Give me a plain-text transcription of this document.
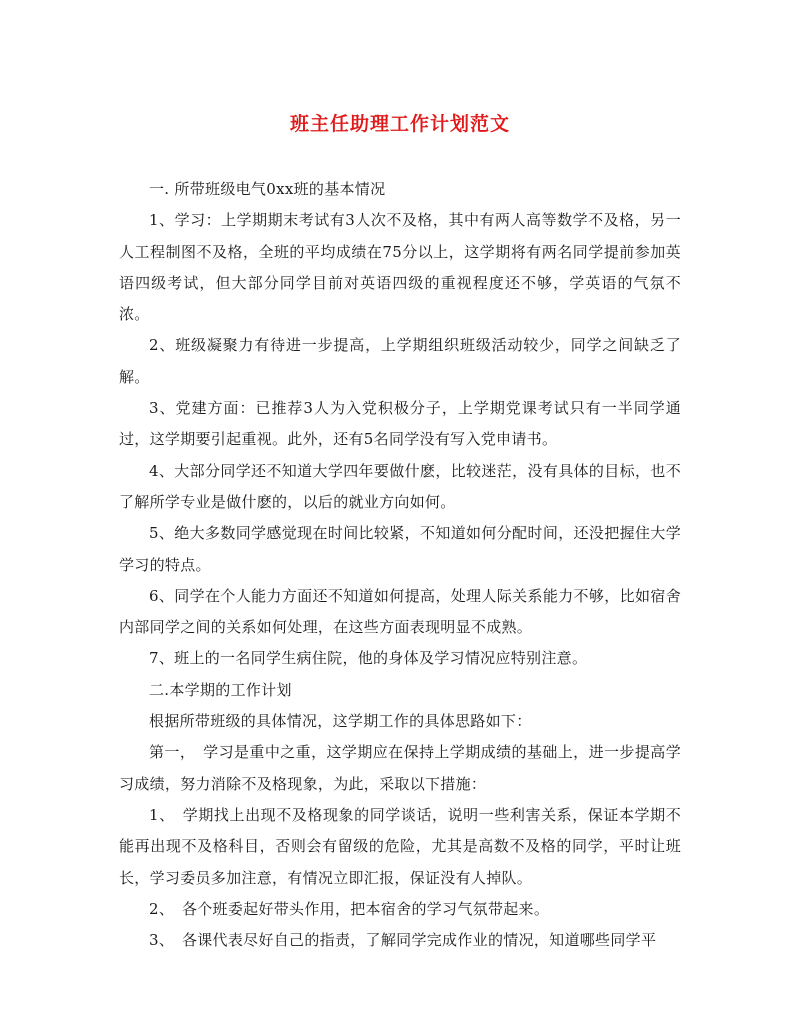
班主任助理工作计划范文

一. 所带班级电气0xx班的基本情况

1、学习：上学期期末考试有3人次不及格，其中有两人高等数学不及格，另一人工程制图不及格，全班的平均成绩在75分以上，这学期将有两名同学提前参加英语四级考试，但大部分同学目前对英语四级的重视程度还不够，学英语的气氛不浓。

2、班级凝聚力有待进一步提高，上学期组织班级活动较少，同学之间缺乏了解。

3、党建方面：已推荐3人为入党积极分子，上学期党课考试只有一半同学通过，这学期要引起重视。此外，还有5名同学没有写入党申请书。

4、大部分同学还不知道大学四年要做什麽，比较迷茫，没有具体的目标，也不了解所学专业是做什麽的，以后的就业方向如何。

5、绝大多数同学感觉现在时间比较紧，不知道如何分配时间，还没把握住大学学习的特点。

6、同学在个人能力方面还不知道如何提高，处理人际关系能力不够，比如宿舍内部同学之间的关系如何处理，在这些方面表现明显不成熟。

7、班上的一名同学生病住院，他的身体及学习情况应特别注意。

二.本学期的工作计划

根据所带班级的具体情况，这学期工作的具体思路如下：

第一，　学习是重中之重，这学期应在保持上学期成绩的基础上，进一步提高学习成绩，努力消除不及格现象，为此，采取以下措施：

1、　学期找上出现不及格现象的同学谈话，说明一些利害关系，保证本学期不能再出现不及格科目，否则会有留级的危险，尤其是高数不及格的同学，平时让班长，学习委员多加注意，有情况立即汇报，保证没有人掉队。

2、　各个班委起好带头作用，把本宿舍的学习气氛带起来。

3、　各课代表尽好自己的指责，了解同学完成作业的情况，知道哪些同学平
